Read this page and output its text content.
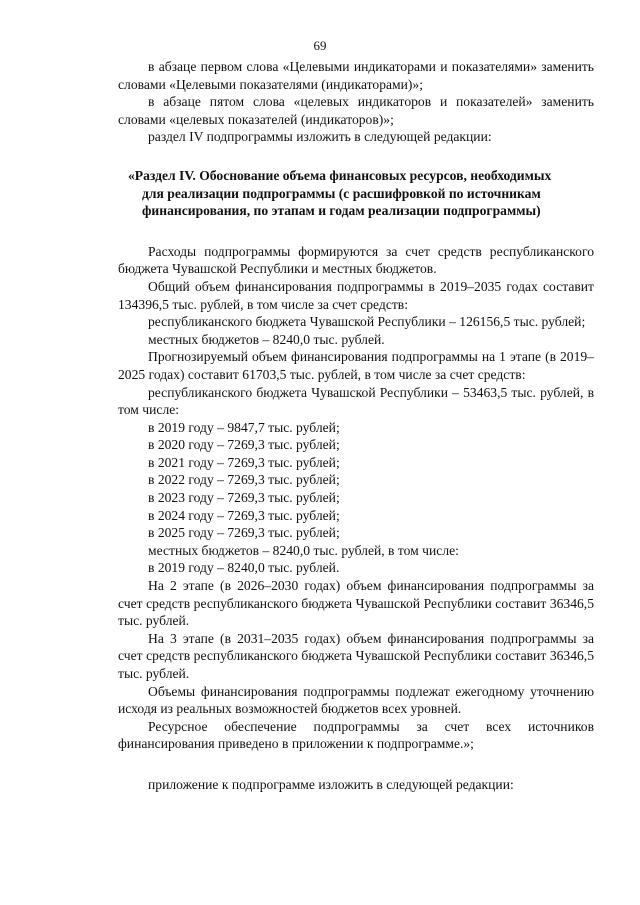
69

в абзаце первом слова «Целевыми индикаторами и показателями» заменить словами «Целевыми показателями (индикаторами)»;

в абзаце пятом слова «целевых индикаторов и показателей» заменить словами «целевых показателей (индикаторов)»;

раздел IV подпрограммы изложить в следующей редакции:

«Раздел IV. Обоснование объема финансовых ресурсов, необходимых
для реализации подпрограммы (с расшифровкой по источникам
финансирования, по этапам и годам реализации подпрограммы)

Расходы подпрограммы формируются за счет средств республиканского бюджета Чувашской Республики и местных бюджетов.

Общий объем финансирования подпрограммы в 2019–2035 годах составит 134396,5 тыс. рублей, в том числе за счет средств:

республиканского бюджета Чувашской Республики – 126156,5 тыс. рублей;

местных бюджетов – 8240,0 тыс. рублей.

Прогнозируемый объем финансирования подпрограммы на 1 этапе (в 2019–2025 годах) составит 61703,5 тыс. рублей, в том числе за счет средств:

республиканского бюджета Чувашской Республики – 53463,5 тыс. рублей, в том числе:

в 2019 году – 9847,7 тыс. рублей;

в 2020 году – 7269,3 тыс. рублей;

в 2021 году – 7269,3 тыс. рублей;

в 2022 году – 7269,3 тыс. рублей;

в 2023 году – 7269,3 тыс. рублей;

в 2024 году – 7269,3 тыс. рублей;

в 2025 году – 7269,3 тыс. рублей;

местных бюджетов – 8240,0 тыс. рублей, в том числе:

в 2019 году – 8240,0 тыс. рублей.

На 2 этапе (в 2026–2030 годах) объем финансирования подпрограммы за счет средств республиканского бюджета Чувашской Республики составит 36346,5 тыс. рублей.

На 3 этапе (в 2031–2035 годах) объем финансирования подпрограммы за счет средств республиканского бюджета Чувашской Республики составит 36346,5 тыс. рублей.

Объемы финансирования подпрограммы подлежат ежегодному уточнению исходя из реальных возможностей бюджетов всех уровней.

Ресурсное обеспечение подпрограммы за счет всех источников финансирования приведено в приложении к подпрограмме.»;

приложение к подпрограмме изложить в следующей редакции:
